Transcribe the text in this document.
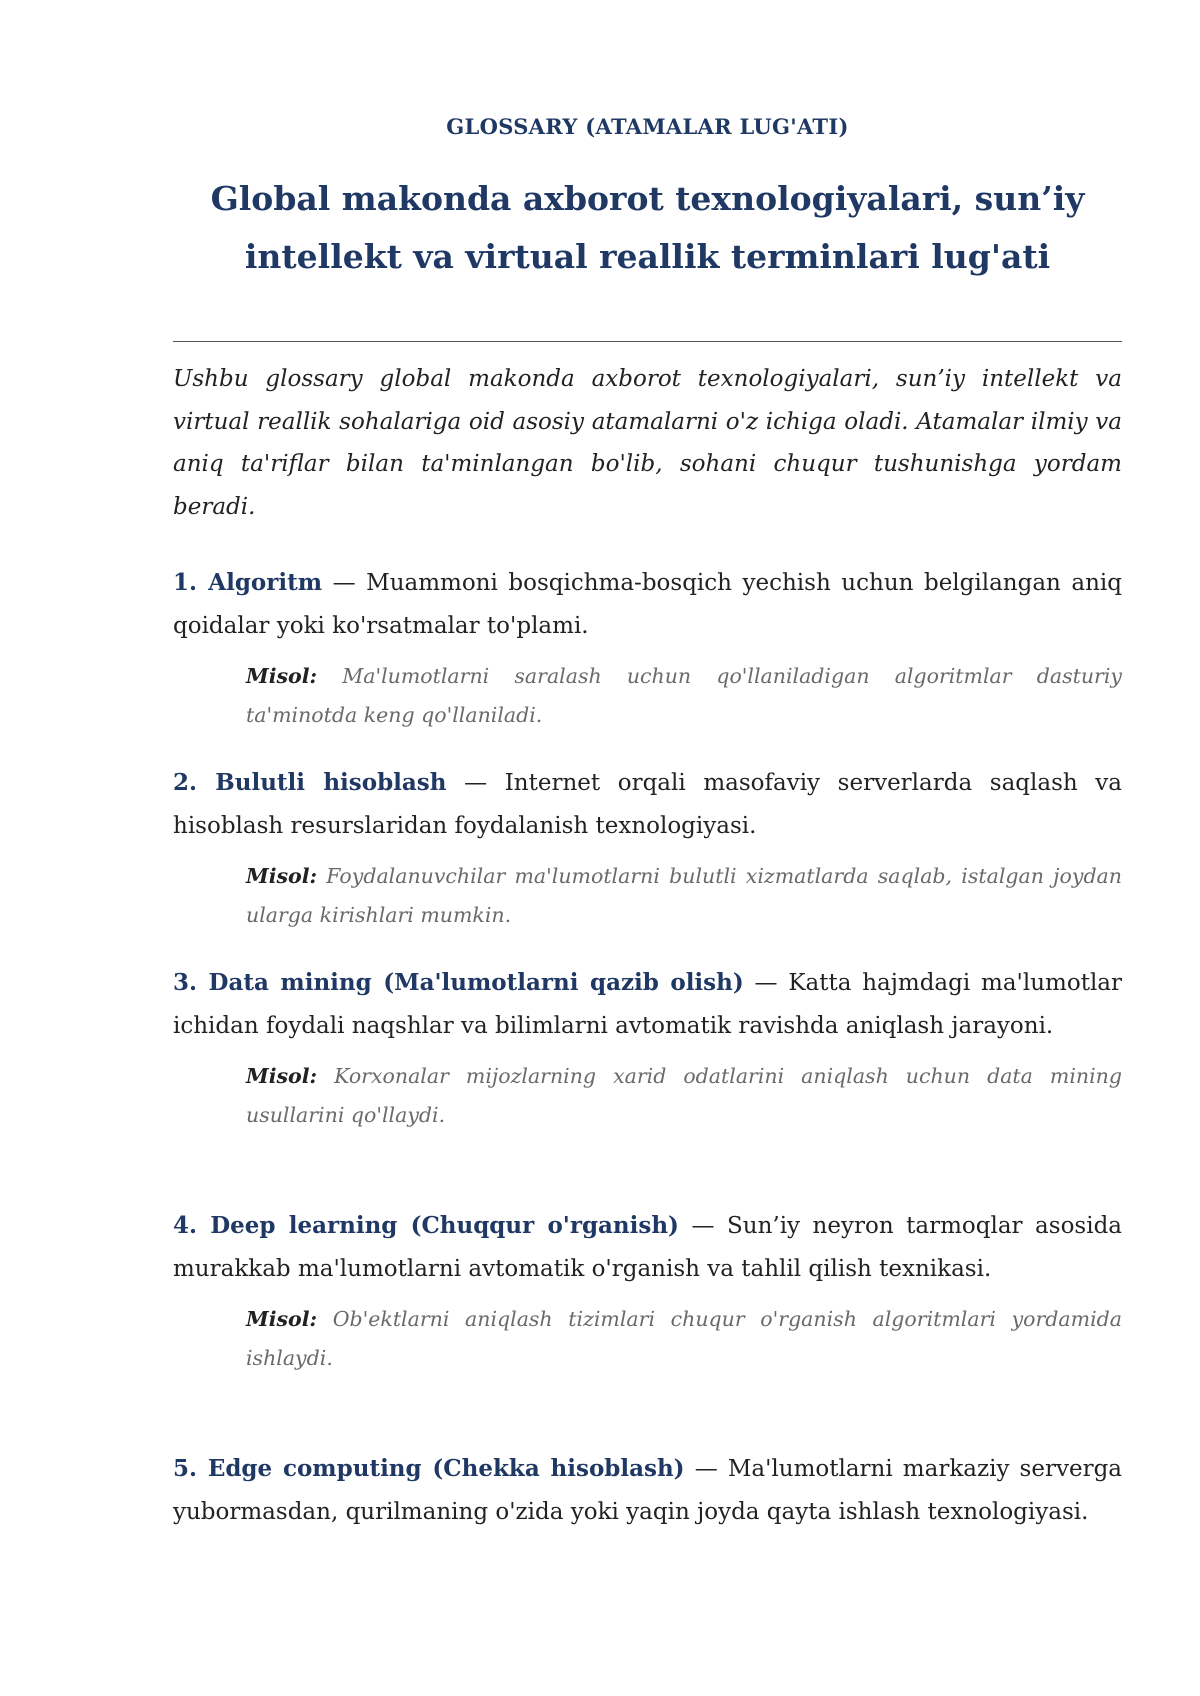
GLOSSARY (ATAMALAR LUG'ATI)
Global makonda axborot texnologiyalari, sun’iy
intellekt va virtual reallik terminlari lug'ati

Ushbu glossary global makonda axborot texnologiyalari, sun’iy intellekt va virtual reallik sohalariga oid asosiy atamalarni o'z ichiga oladi. Atamalar ilmiy va aniq ta'riflar bilan ta'minlangan bo'lib, sohani chuqur tushunishga yordam beradi.

1. Algoritm — Muammoni bosqichma-bosqich yechish uchun belgilangan aniq qoidalar yoki ko'rsatmalar to'plami.

Misol: Ma'lumotlarni saralash uchun qo'llaniladigan algoritmlar dasturiy ta'minotda keng qo'llaniladi.

2. Bulutli hisoblash — Internet orqali masofaviy serverlarda saqlash va hisoblash resurslaridan foydalanish texnologiyasi.

Misol: Foydalanuvchilar ma'lumotlarni bulutli xizmatlarda saqlab, istalgan joydan ularga kirishlari mumkin.

3. Data mining (Ma'lumotlarni qazib olish) — Katta hajmdagi ma'lumotlar ichidan foydali naqshlar va bilimlarni avtomatik ravishda aniqlash jarayoni.

Misol: Korxonalar mijozlarning xarid odatlarini aniqlash uchun data mining usullarini qo'llaydi.

4. Deep learning (Chuqqur o'rganish) — Sun’iy neyron tarmoqlar asosida murakkab ma'lumotlarni avtomatik o'rganish va tahlil qilish texnikasi.

Misol: Ob'ektlarni aniqlash tizimlari chuqur o'rganish algoritmlari yordamida ishlaydi.

5. Edge computing (Chekka hisoblash) — Ma'lumotlarni markaziy serverga yubormasdan, qurilmaning o'zida yoki yaqin joyda qayta ishlash texnologiyasi.
